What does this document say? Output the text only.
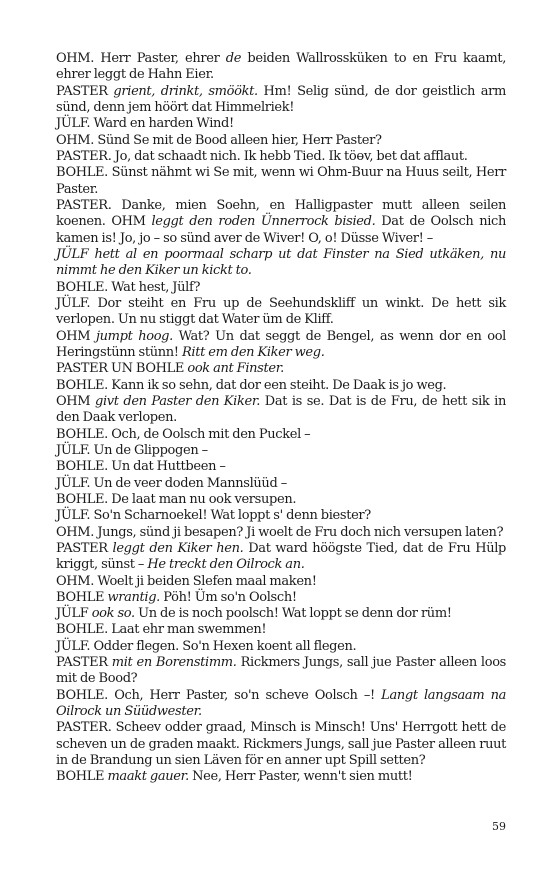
OHM. Herr Paster, ehrer de beiden Wallrossküken to en Fru kaamt, ehrer leggt de Hahn Eier.

PASTER grient, drinkt, smöökt. Hm! Selig sünd, de dor geistlich arm sünd, denn jem höört dat Himmelriek!

JÜLF. Ward en harden Wind!

OHM. Sünd Se mit de Bood alleen hier, Herr Paster?

PASTER. Jo, dat schaadt nich. Ik hebb Tied. Ik töөv, bet dat afflaut.

BOHLE. Sünst nähmt wi Se mit, wenn wi Ohm-Buur na Huus seilt, Herr Paster.

PASTER. Danke, mien Soehn, en Halligpaster mutt alleen seilen koenen. OHM leggt den roden Ünnerrock bisied. Dat de Oolsch nich kamen is! Jo, jo – so sünd aver de Wiver! O, o! Düsse Wiver! –

JÜLF hett al en poormaal scharp ut dat Finster na Sied utkäken, nu nimmt he den Kiker un kickt to.

BOHLE. Wat hest, Jülf?

JÜLF. Dor steiht en Fru up de Seehundskliff un winkt. De hett sik verlopen. Un nu stiggt dat Water üm de Kliff.

OHM jumpt hoog. Wat? Un dat seggt de Bengel, as wenn dor en ool Heringstünn stünn! Ritt em den Kiker weg.

PASTER UN BOHLE ook ant Finster.

BOHLE. Kann ik so sehn, dat dor een steiht. De Daak is jo weg.

OHM givt den Paster den Kiker. Dat is se. Dat is de Fru, de hett sik in den Daak verlopen.

BOHLE. Och, de Oolsch mit den Puckel –

JÜLF. Un de Glippogen –

BOHLE. Un dat Huttbeen –

JÜLF. Un de veer doden Mannslüüd –

BOHLE. De laat man nu ook versupen.

JÜLF. So'n Scharnoekel! Wat loppt s' denn biester?

OHM. Jungs, sünd ji besapen? Ji woelt de Fru doch nich versupen laten?

PASTER leggt den Kiker hen. Dat ward höögste Tied, dat de Fru Hülp kriggt, sünst – He treckt den Oilrock an.

OHM. Woelt ji beiden Slefen maal maken!

BOHLE wrantig. Pöh! Üm so'n Oolsch!

JÜLF ook so. Un de is noch poolsch! Wat loppt se denn dor rüm!

BOHLE. Laat ehr man swemmen!

JÜLF. Odder flegen. So'n Hexen koent all flegen.

PASTER mit en Borenstimm. Rickmers Jungs, sall jue Paster alleen loos mit de Bood?

BOHLE. Och, Herr Paster, so'n scheve Oolsch –! Langt langsaam na Oilrock un Süüdwester.

PASTER. Scheev odder graad, Minsch is Minsch! Uns' Herrgott hett de scheven un de graden maakt. Rickmers Jungs, sall jue Paster alleen ruut in de Brandung un sien Läven för en anner upt Spill setten?

BOHLE maakt gauer. Nee, Herr Paster, wenn't sien mutt!

59
